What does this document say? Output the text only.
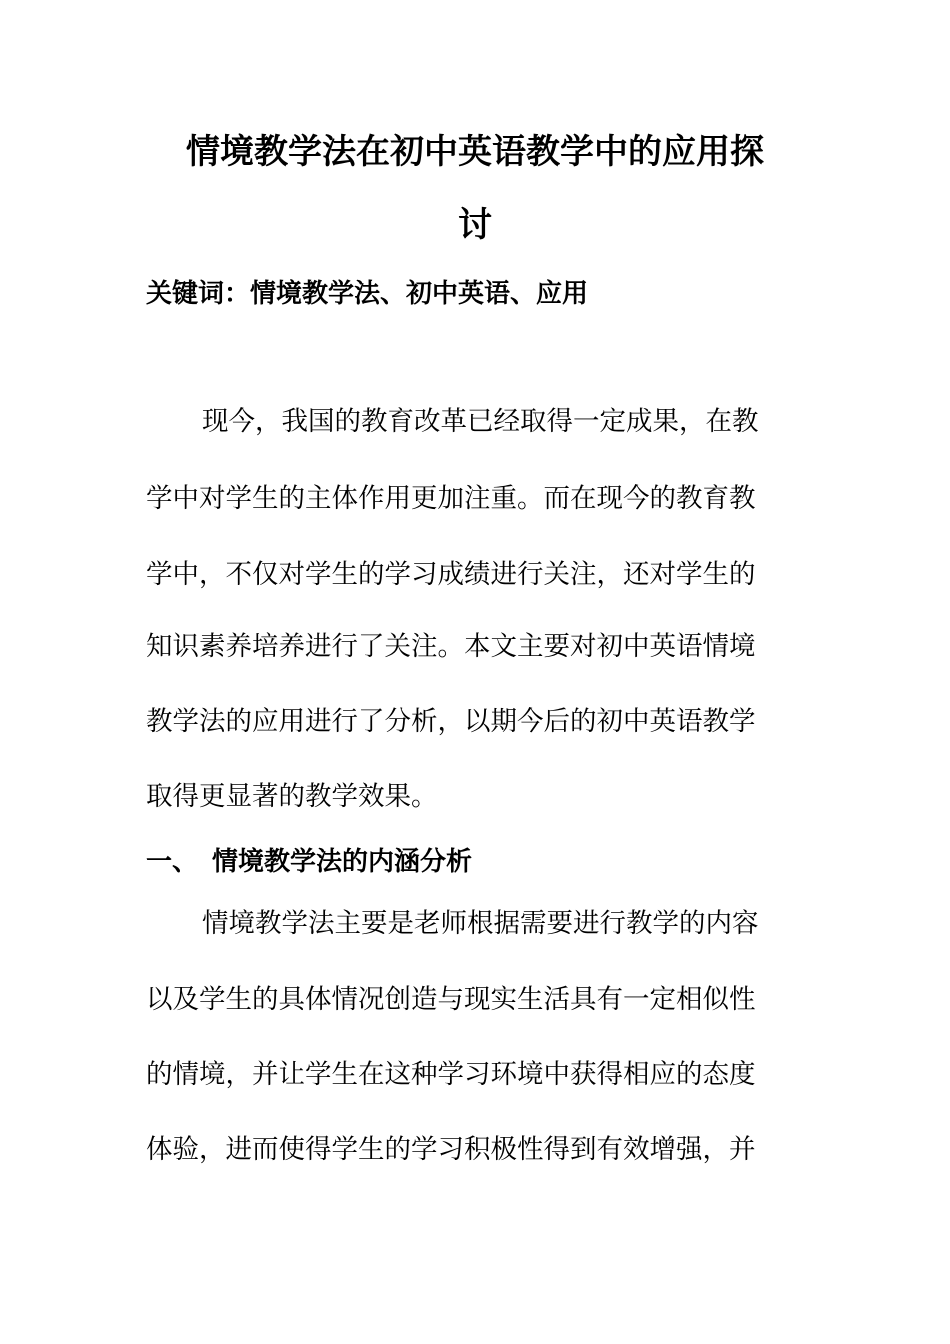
情境教学法在初中英语教学中的应用探
讨
关键词：情境教学法、初中英语、应用
现今，我国的教育改革已经取得一定成果，在教
学中对学生的主体作用更加注重。而在现今的教育教
学中，不仅对学生的学习成绩进行关注，还对学生的
知识素养培养进行了关注。本文主要对初中英语情境
教学法的应用进行了分析，以期今后的初中英语教学
取得更显著的教学效果。
一、 情境教学法的内涵分析
情境教学法主要是老师根据需要进行教学的内容
以及学生的具体情况创造与现实生活具有一定相似性
的情境，并让学生在这种学习环境中获得相应的态度
体验，进而使得学生的学习积极性得到有效增强，并
